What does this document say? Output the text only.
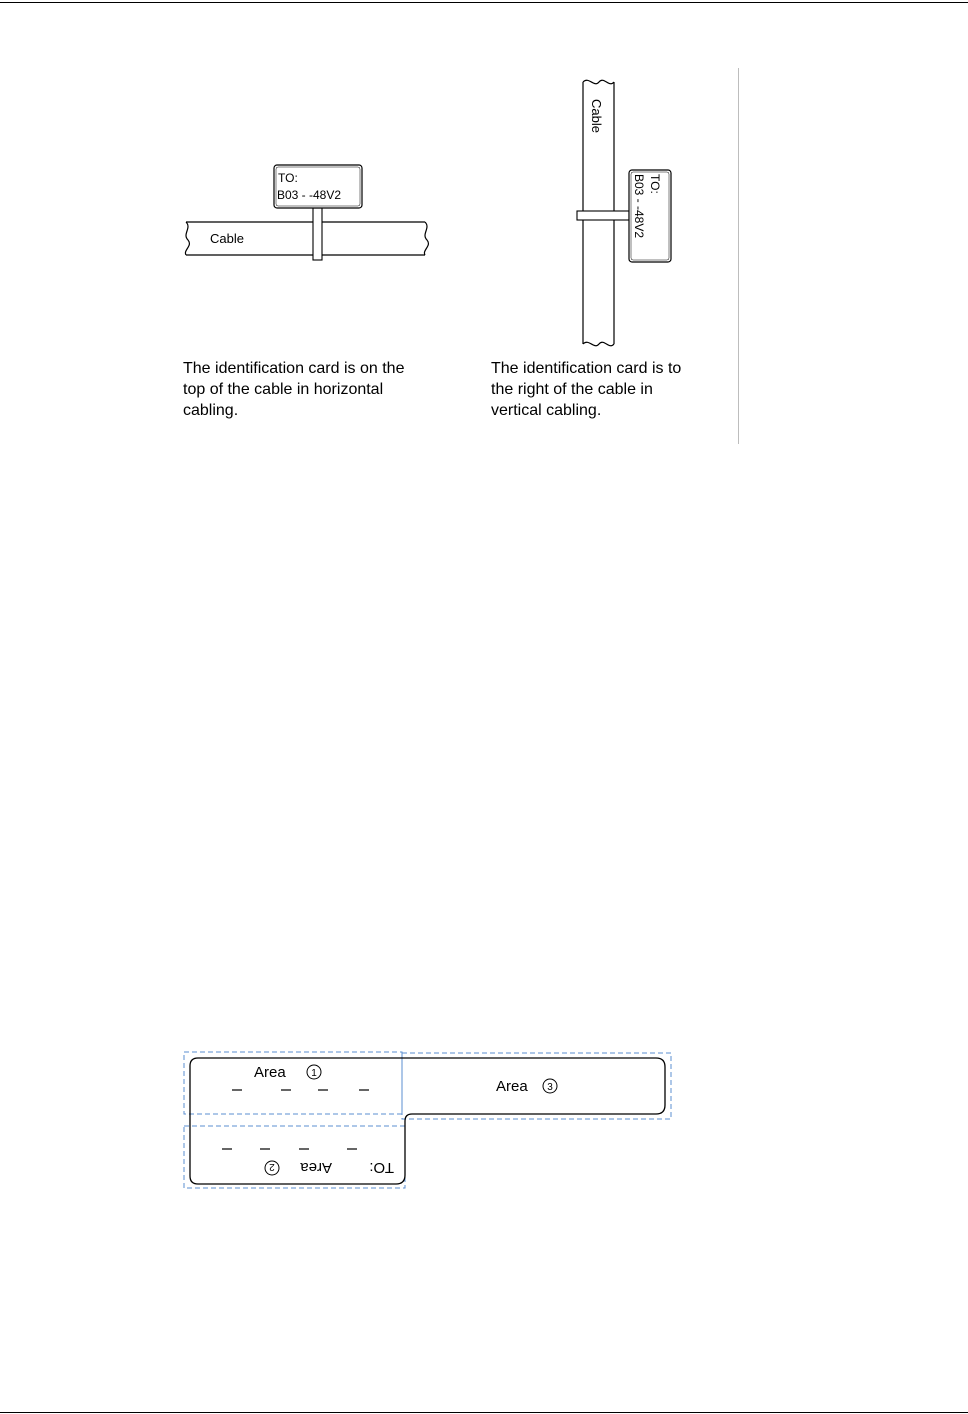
Cable
TO:
B03 - -48V2
Cable
TO:
B03 - -48V2
Area	1
TO:
Area
2
Area 3
The identification card is on the
top of the cable in horizontal
cabling.
The identification card is to
the right of the cable in
vertical cabling.
